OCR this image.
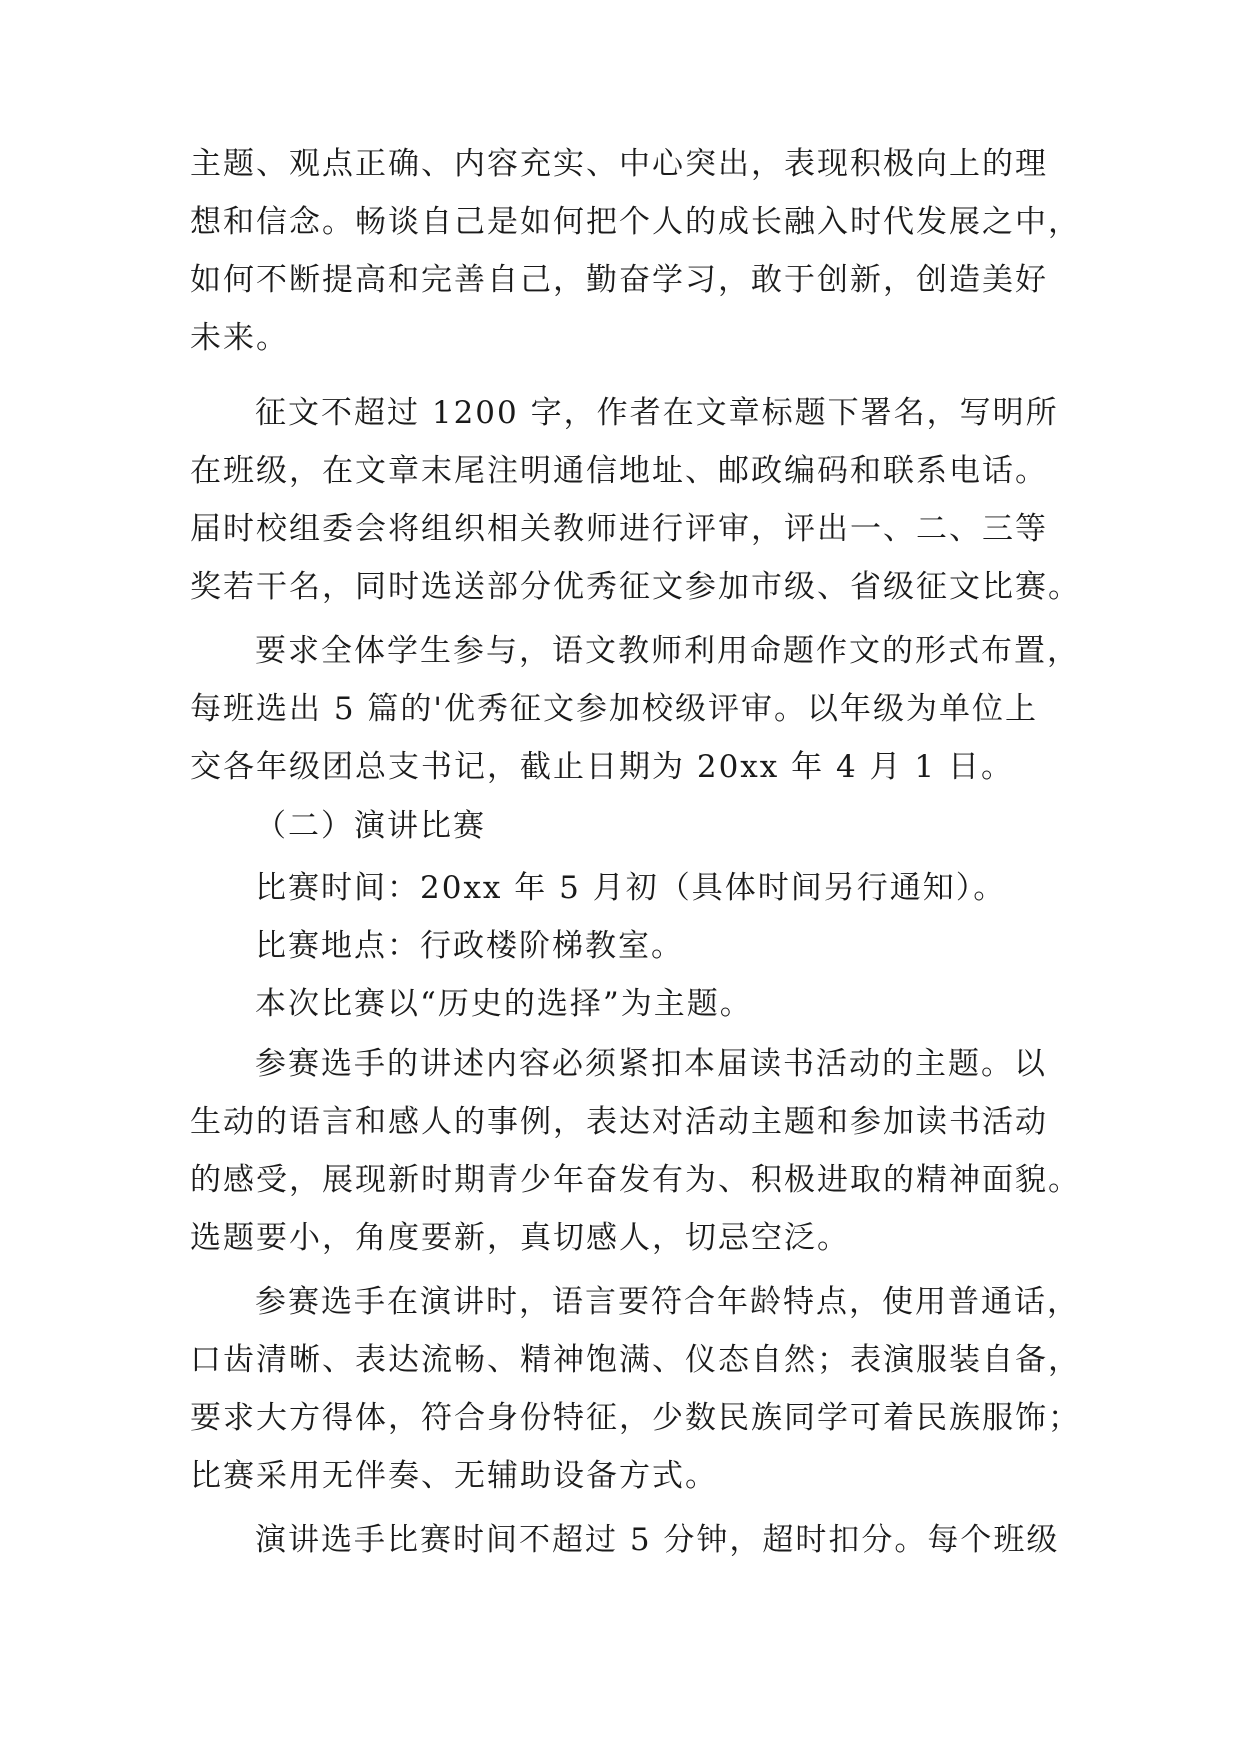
主题、观点正确、内容充实、中心突出，表现积极向上的理
想和信念。畅谈自己是如何把个人的成长融入时代发展之中，
如何不断提高和完善自己，勤奋学习，敢于创新，创造美好
未来。
征文不超过 1200 字，作者在文章标题下署名，写明所
在班级，在文章末尾注明通信地址、邮政编码和联系电话。
届时校组委会将组织相关教师进行评审，评出一、二、三等
奖若干名，同时选送部分优秀征文参加市级、省级征文比赛。
要求全体学生参与，语文教师利用命题作文的形式布置，
每班选出 5 篇的'优秀征文参加校级评审。以年级为单位上
交各年级团总支书记，截止日期为 20xx 年 4 月 1 日。
（二）演讲比赛
比赛时间：20xx 年 5 月初（具体时间另行通知）。
比赛地点：行政楼阶梯教室。
本次比赛以“历史的选择”为主题。
参赛选手的讲述内容必须紧扣本届读书活动的主题。以
生动的语言和感人的事例，表达对活动主题和参加读书活动
的感受，展现新时期青少年奋发有为、积极进取的精神面貌。
选题要小，角度要新，真切感人，切忌空泛。
参赛选手在演讲时，语言要符合年龄特点，使用普通话，
口齿清晰、表达流畅、精神饱满、仪态自然；表演服装自备，
要求大方得体，符合身份特征，少数民族同学可着民族服饰；
比赛采用无伴奏、无辅助设备方式。
演讲选手比赛时间不超过 5 分钟，超时扣分。每个班级
